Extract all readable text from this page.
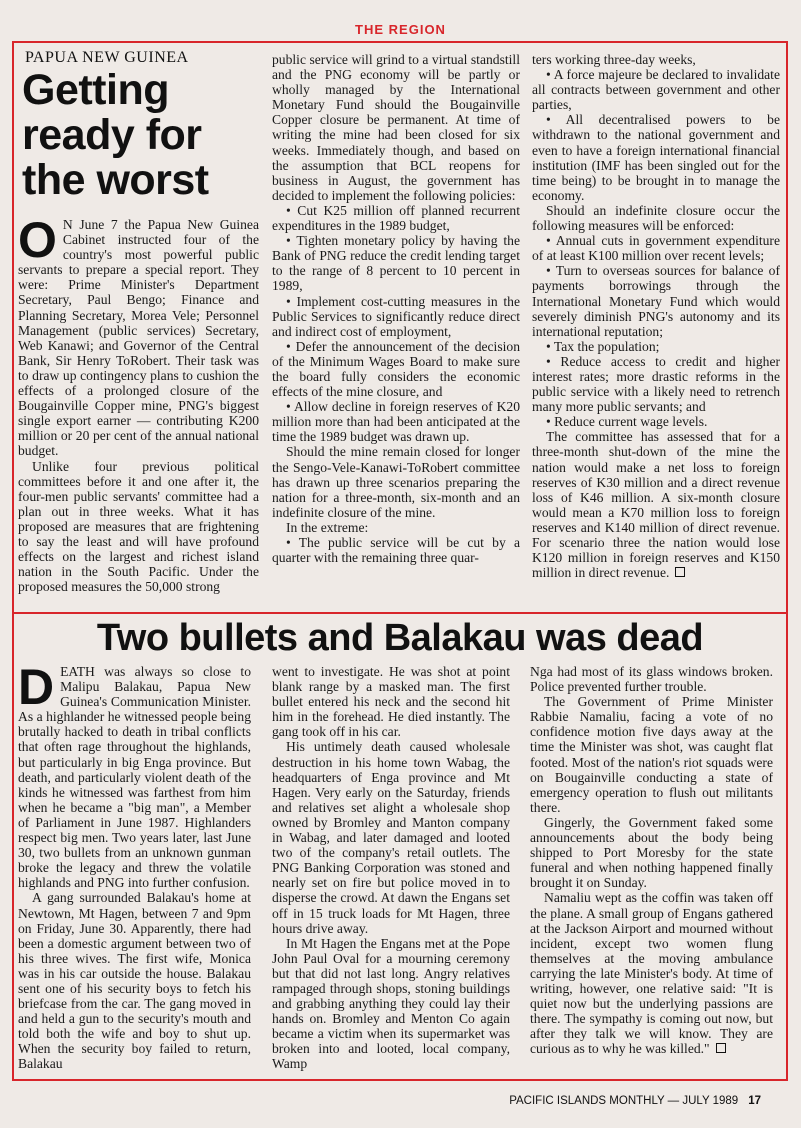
THE REGION
PAPUA NEW GUINEA
Getting ready for the worst
O N June 7 the Papua New Guinea Cabinet instructed four of the country's most powerful public servants to prepare a special report. They were: Prime Minister's Department Secretary, Paul Bengo; Finance and Planning Secretary, Morea Vele; Personnel Management (public services) Secretary, Web Kanawi; and Governor of the Central Bank, Sir Henry ToRobert. Their task was to draw up contingency plans to cushion the effects of a prolonged closure of the Bougainville Copper mine, PNG's biggest single export earner — contributing K200 million or 20 per cent of the annual national budget.

Unlike four previous political committees before it and one after it, the four-men public servants' committee had a plan out in three weeks. What it has proposed are measures that are frightening to say the least and will have profound effects on the largest and richest island nation in the South Pacific. Under the proposed measures the 50,000 strong

public service will grind to a virtual standstill and the PNG economy will be partly or wholly managed by the International Monetary Fund should the Bougainville Copper closure be permanent. At time of writing the mine had been closed for six weeks. Immediately though, and based on the assumption that BCL reopens for business in August, the government has decided to implement the following policies:

• Cut K25 million off planned recurrent expenditures in the 1989 budget,

• Tighten monetary policy by having the Bank of PNG reduce the credit lending target to the range of 8 percent to 10 percent in 1989,

• Implement cost-cutting measures in the Public Services to significantly reduce direct and indirect cost of employment,

• Defer the announcement of the decision of the Minimum Wages Board to make sure the board fully considers the economic effects of the mine closure, and

• Allow decline in foreign reserves of K20 million more than had been anticipated at the time the 1989 budget was drawn up.

Should the mine remain closed for longer the Sengo-Vele-Kanawi-ToRobert committee has drawn up three scenarios preparing the nation for a three-month, six-month and an indefinite closure of the mine.

In the extreme:

• The public service will be cut by a quarter with the remaining three quar-

ters working three-day weeks,

• A force majeure be declared to invalidate all contracts between government and other parties,

• All decentralised powers to be withdrawn to the national government and even to have a foreign international financial institution (IMF has been singled out for the time being) to be brought in to manage the economy.

Should an indefinite closure occur the following measures will be enforced:

• Annual cuts in government expenditure of at least K100 million over recent levels;

• Turn to overseas sources for balance of payments borrowings through the International Monetary Fund which would severely diminish PNG's autonomy and its international reputation;

• Tax the population;

• Reduce access to credit and higher interest rates; more drastic reforms in the public service with a likely need to retrench many more public servants; and

• Reduce current wage levels.

The committee has assessed that for a three-month shut-down of the mine the nation would make a net loss to foreign reserves of K30 million and a direct revenue loss of K46 million. A six-month closure would mean a K70 million loss to foreign reserves and K140 million of direct revenue. For scenario three the nation would lose K120 million in foreign reserves and K150 million in direct revenue.

Two bullets and Balakau was dead
D EATH was always so close to Malipu Balakau, Papua New Guinea's Communication Minister. As a highlander he witnessed people being brutally hacked to death in tribal conflicts that often rage throughout the highlands, but particularly in big Enga province. But death, and particularly violent death of the kinds he witnessed was farthest from him when he became a "big man", a Member of Parliament in June 1987. Highlanders respect big men. Two years later, last June 30, two bullets from an unknown gunman broke the legacy and threw the volatile highlands and PNG into further confusion.

A gang surrounded Balakau's home at Newtown, Mt Hagen, between 7 and 9pm on Friday, June 30. Apparently, there had been a domestic argument between two of his three wives. The first wife, Monica was in his car outside the house. Balakau sent one of his security boys to fetch his briefcase from the car. The gang moved in and held a gun to the security's mouth and told both the wife and boy to shut up. When the security boy failed to return, Balakau

went to investigate. He was shot at point blank range by a masked man. The first bullet entered his neck and the second hit him in the forehead. He died instantly. The gang took off in his car.

His untimely death caused wholesale destruction in his home town Wabag, the headquarters of Enga province and Mt Hagen. Very early on the Saturday, friends and relatives set alight a wholesale shop owned by Bromley and Manton company in Wabag, and later damaged and looted two of the company's retail outlets. The PNG Banking Corporation was stoned and nearly set on fire but police moved in to disperse the crowd. At dawn the Engans set off in 15 truck loads for Mt Hagen, three hours drive away.

In Mt Hagen the Engans met at the Pope John Paul Oval for a mourning ceremony but that did not last long. Angry relatives rampaged through shops, stoning buildings and grabbing anything they could lay their hands on. Bromley and Menton Co again became a victim when its supermarket was broken into and looted, local company, Wamp

Nga had most of its glass windows broken. Police prevented further trouble.

The Government of Prime Minister Rabbie Namaliu, facing a vote of no confidence motion five days away at the time the Minister was shot, was caught flat footed. Most of the nation's riot squads were on Bougainville conducting a state of emergency operation to flush out militants there.

Gingerly, the Government faked some announcements about the body being shipped to Port Moresby for the state funeral and when nothing happened finally brought it on Sunday.

Namaliu wept as the coffin was taken off the plane. A small group of Engans gathered at the Jackson Airport and mourned without incident, except two women flung themselves at the moving ambulance carrying the late Minister's body. At time of writing, however, one relative said: "It is quiet now but the underlying passions are there. The sympathy is coming out now, but after they talk we will know. They are curious as to why he was killed."

PACIFIC ISLANDS MONTHLY — JULY 1989 17
